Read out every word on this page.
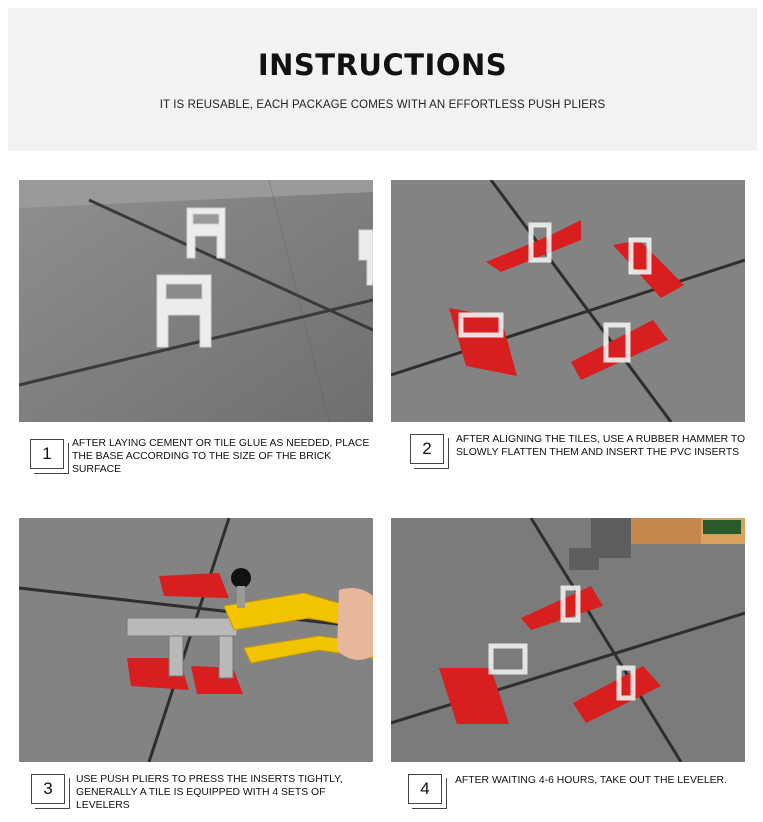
INSTRUCTIONS

IT IS REUSABLE, EACH PACKAGE COMES WITH AN EFFORTLESS PUSH PLIERS

1
AFTER LAYING CEMENT OR TILE GLUE AS NEEDED, PLACE THE BASE ACCORDING TO THE SIZE OF THE BRICK SURFACE
2	AFTER ALIGNING THE TILES, USE A RUBBER HAMMER TO SLOWLY FLATTEN THEM AND INSERT THE PVC INSERTS
3	USE PUSH PLIERS TO PRESS THE INSERTS TIGHTLY, GENERALLY A TILE IS EQUIPPED WITH 4 SETS OF LEVELERS
4	AFTER WAITING 4-6 HOURS, TAKE OUT THE LEVELER.
